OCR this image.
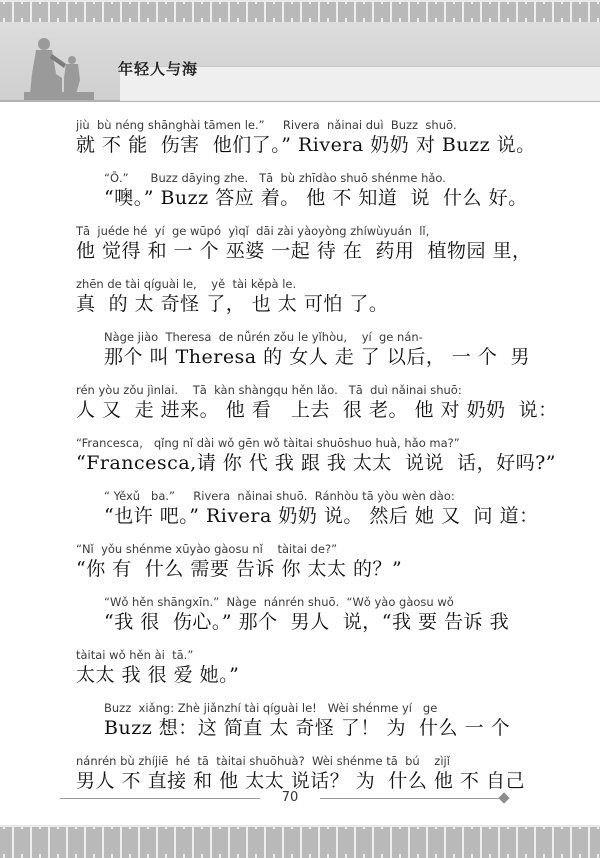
年轻人与海
jiù  bù néng shānghài tāmen le.”     Rivera  nǎinai duì  Buzz  shuō.
就 不 能  伤害  他们了。” Rivera 奶奶 对 Buzz 说。
“Ō.”      Buzz dāying zhe.   Tā  bù zhīdào shuō shénme hǎo.
“噢。” Buzz 答应 着。 他 不 知道  说  什么 好。
Tā  juéde hé  yí  ge wūpó  yìqǐ  dāi zài yàoyòng zhíwùyuán  lǐ,
他 觉得 和 一 个 巫婆 一起 待 在  药用  植物园 里，
zhēn de tài qíguài le,    yě  tài kěpà le.
真  的 太 奇怪 了， 也 太 可怕 了。
Nàge jiào  Theresa  de nǚrén zǒu le yǐhòu,    yí  ge nán-
那个 叫 Theresa 的 女人 走 了 以后， 一 个  男
rén yòu zǒu jìnlai.    Tā  kàn shàngqu hěn lǎo.   Tā  duì nǎinai shuō:
人 又  走 进来。 他 看   上去  很 老。 他 对 奶奶  说：
“Francesca,   qǐng nǐ dài wǒ gēn wǒ tàitai shuōshuo huà, hǎo ma?”
“Francesca,请 你 代 我 跟 我 太太  说说  话，好吗?”
“ Yěxǔ   ba.”     Rivera  nǎinai shuō.  Ránhòu tā yòu wèn dào:
“也许 吧。” Rivera 奶奶 说。 然后 她 又  问 道：
“Nǐ  yǒu shénme xūyào gàosu nǐ    tàitai de?”
“你 有  什么 需要 告诉 你 太太 的？”
“Wǒ hěn shāngxīn.”  Nàge  nánrén shuō.  “Wǒ yào gàosu wǒ
“我 很  伤心。” 那个  男人  说，“我 要 告诉 我
tàitai wǒ hěn ài  tā.”
太太 我 很 爱 她。”
Buzz  xiǎng: Zhè jiǎnzhí tài qíguài le!   Wèi shénme yí   ge
Buzz 想：这 简直 太 奇怪 了！ 为  什么 一 个
nánrén bù zhíjiē  hé  tā  tàitai shuōhuà?  Wèi shénme tā  bú    zìjǐ
男人 不 直接 和 他 太太 说话？ 为  什么 他 不 自己
70
